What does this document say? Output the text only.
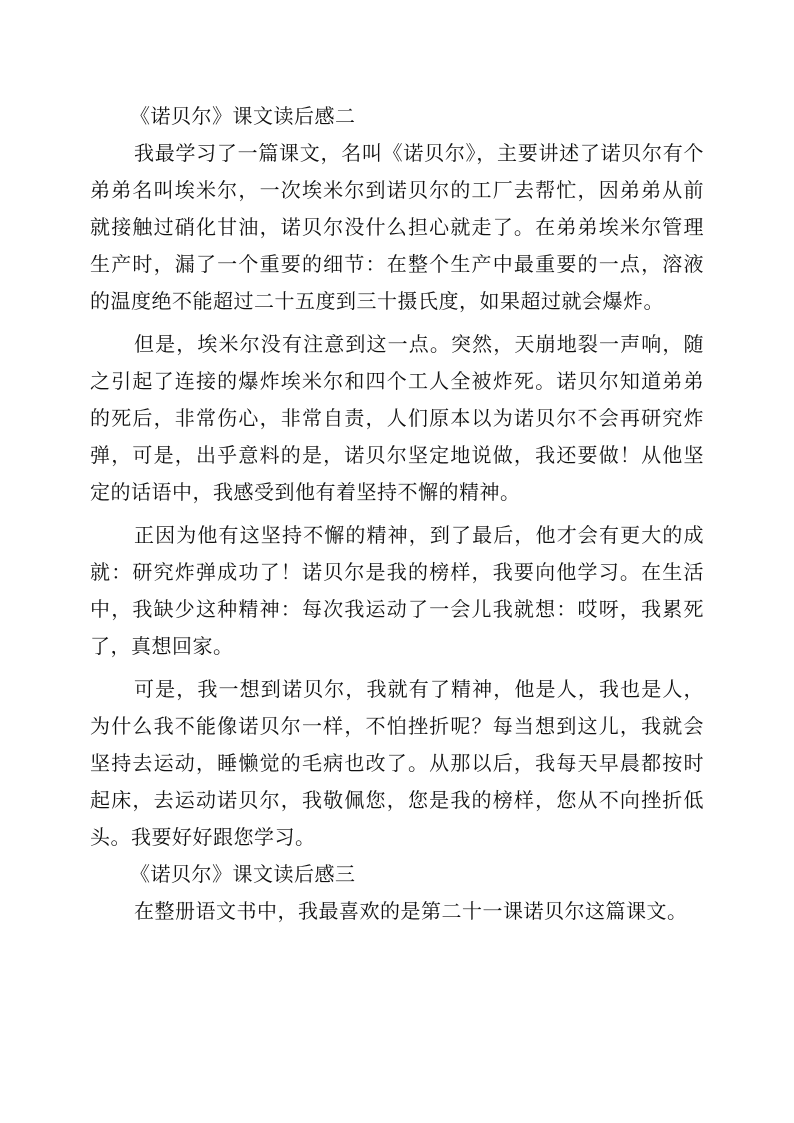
《诺贝尔》课文读后感二

我最学习了一篇课文，名叫《诺贝尔》，主要讲述了诺贝尔有个弟弟名叫埃米尔，一次埃米尔到诺贝尔的工厂去帮忙，因弟弟从前就接触过硝化甘油，诺贝尔没什么担心就走了。在弟弟埃米尔管理生产时，漏了一个重要的细节：在整个生产中最重要的一点，溶液的温度绝不能超过二十五度到三十摄氏度，如果超过就会爆炸。

但是，埃米尔没有注意到这一点。突然，天崩地裂一声响，随之引起了连接的爆炸埃米尔和四个工人全被炸死。诺贝尔知道弟弟的死后，非常伤心，非常自责，人们原本以为诺贝尔不会再研究炸弹，可是，出乎意料的是，诺贝尔坚定地说做，我还要做！从他坚定的话语中，我感受到他有着坚持不懈的精神。

正因为他有这坚持不懈的精神，到了最后，他才会有更大的成就：研究炸弹成功了！诺贝尔是我的榜样，我要向他学习。在生活中，我缺少这种精神：每次我运动了一会儿我就想：哎呀，我累死了，真想回家。

可是，我一想到诺贝尔，我就有了精神，他是人，我也是人，为什么我不能像诺贝尔一样，不怕挫折呢？每当想到这儿，我就会坚持去运动，睡懒觉的毛病也改了。从那以后，我每天早晨都按时起床，去运动诺贝尔，我敬佩您，您是我的榜样，您从不向挫折低头。我要好好跟您学习。

《诺贝尔》课文读后感三

在整册语文书中，我最喜欢的是第二十一课诺贝尔这篇课文。
